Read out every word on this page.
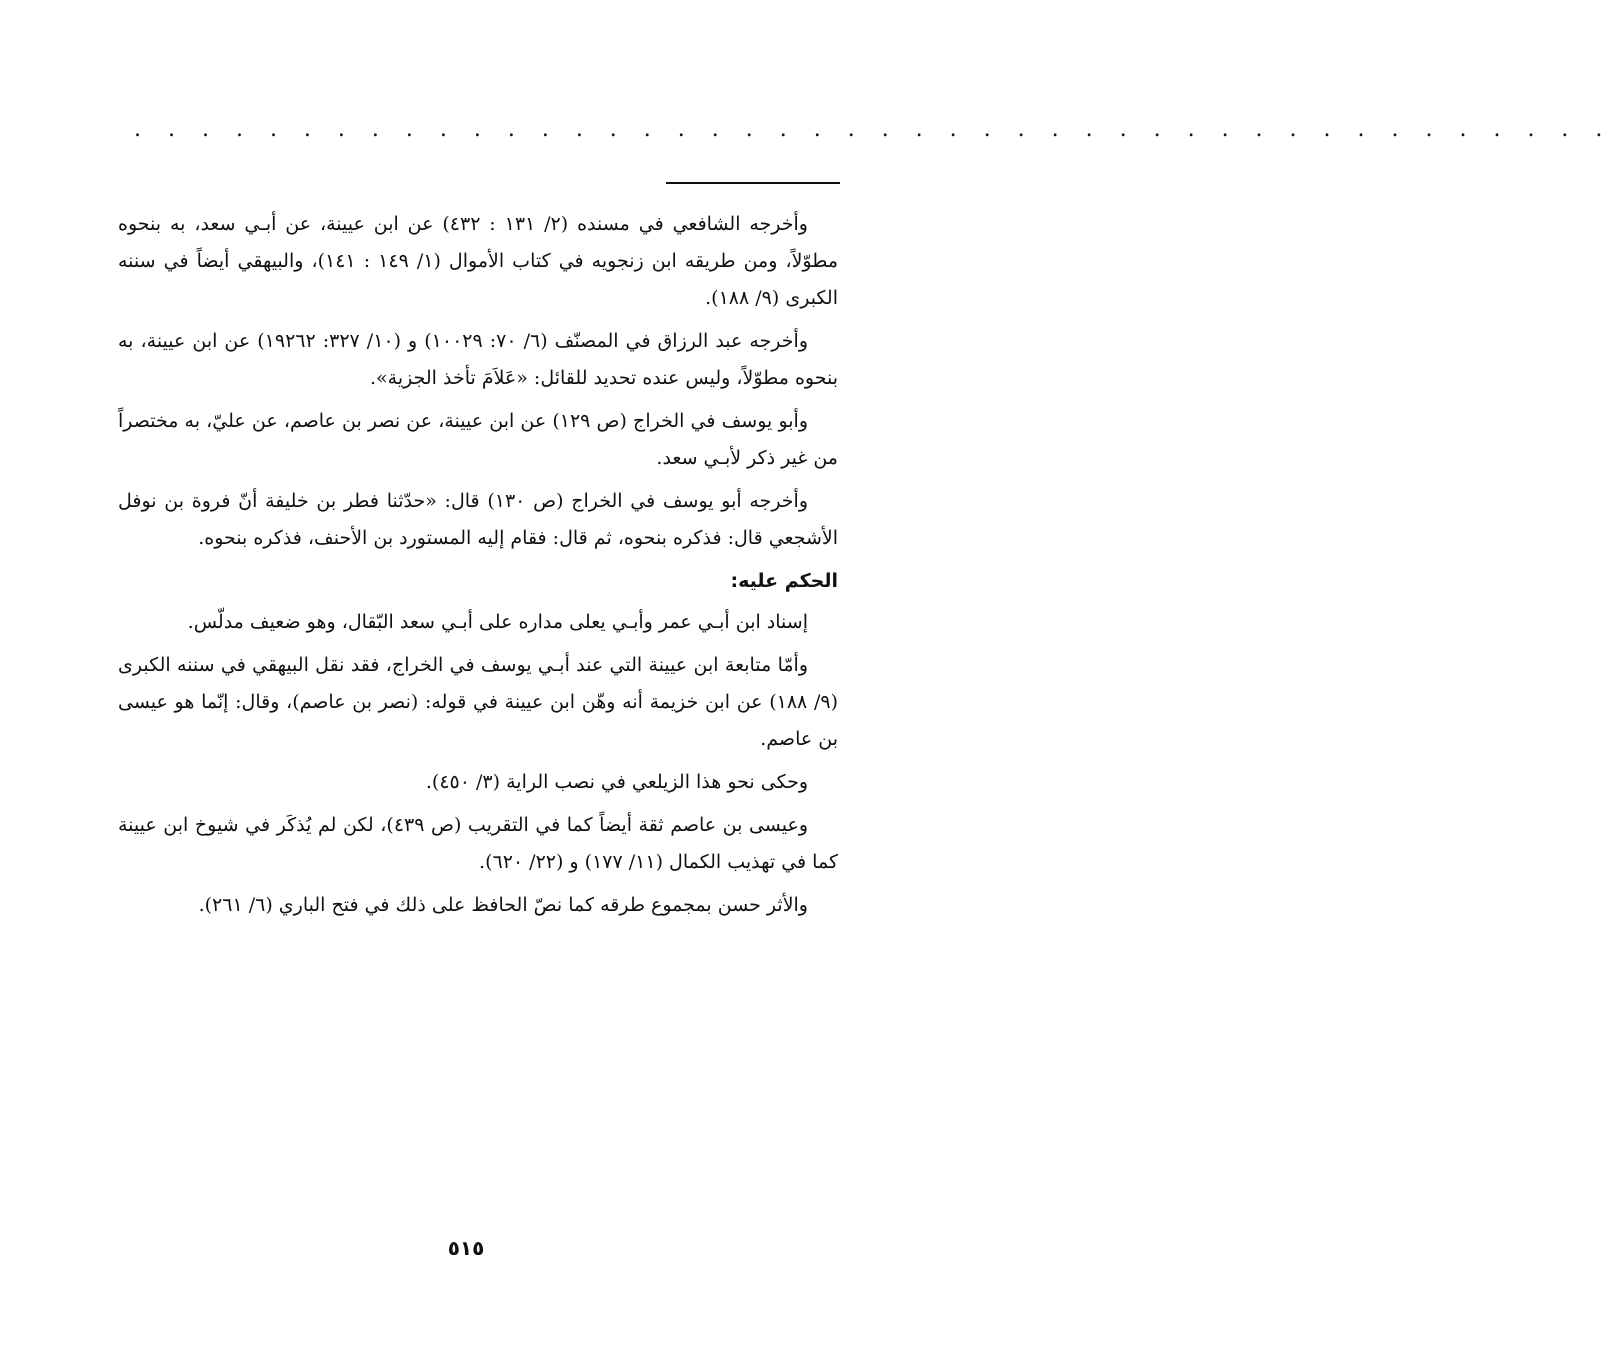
. . . . . . . . . . . . . . . . . . . . . . . . . . . . . . . . . . . . . . . . . . . .

وأخرجه الشافعي في مسنده (٢/ ١٣١ : ٤٣٢) عن ابن عيينة، عن أبـي سعد، به بنحوه مطوّلاً، ومن طريقه ابن زنجويه في كتاب الأموال (١/ ١٤٩ : ١٤١)، والبيهقي أيضاً في سننه الكبرى (٩/ ١٨٨).

وأخرجه عبد الرزاق في المصنّف (٦/ ٧٠: ١٠٠٢٩) و (١٠/ ٣٢٧: ١٩٢٦٢) عن ابن عيينة، به بنحوه مطوّلاً، وليس عنده تحديد للقائل: «عَلاَمَ تأخذ الجزية».

وأبو يوسف في الخراج (ص ١٢٩) عن ابن عيينة، عن نصر بن عاصم، عن عليّ، به مختصراً من غير ذكر لأبـي سعد.

وأخرجه أبو يوسف في الخراج (ص ١٣٠) قال: «حدّثنا فطر بن خليفة أنّ فروة بن نوفل الأشجعي قال: فذكره بنحوه، ثم قال: فقام إليه المستورد بن الأحنف، فذكره بنحوه.

الحكم عليه:

إسناد ابن أبـي عمر وأبـي يعلى مداره على أبـي سعد البّقال، وهو ضعيف مدلّس.

وأمّا متابعة ابن عيينة التي عند أبـي يوسف في الخراج، فقد نقل البيهقي في سننه الكبرى (٩/ ١٨٨) عن ابن خزيمة أنه وهّن ابن عيينة في قوله: (نصر بن عاصم)، وقال: إنّما هو عيسى بن عاصم.

وحكى نحو هذا الزيلعي في نصب الراية (٣/ ٤٥٠).

وعيسى بن عاصم ثقة أيضاً كما في التقريب (ص ٤٣٩)، لكن لم يُذكَر في شيوخ ابن عيينة كما في تهذيب الكمال (١١/ ١٧٧) و (٢٢/ ٦٢٠).

والأثر حسن بمجموع طرقه كما نصّ الحافظ على ذلك في فتح الباري (٦/ ٢٦١).

٥١٥
